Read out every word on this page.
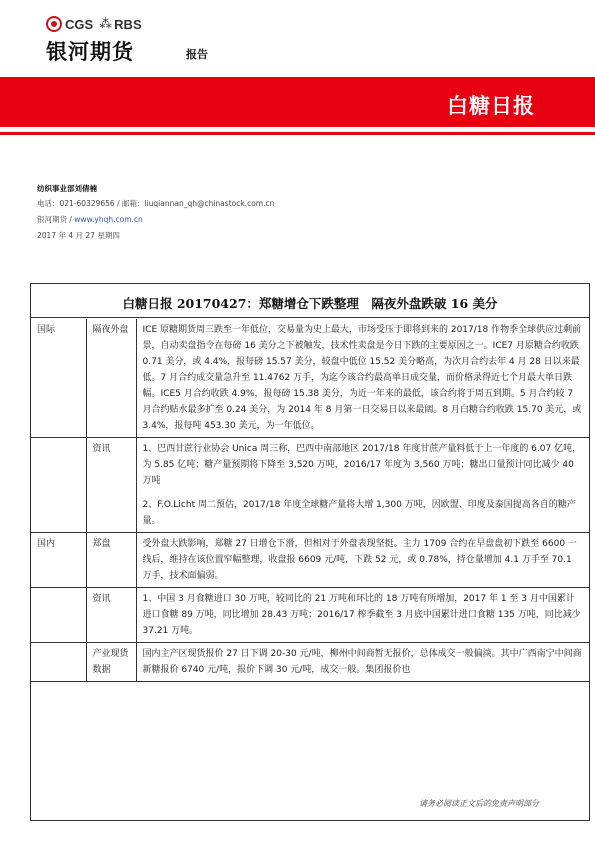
CGS ⁂ RBS
银河期货	报告
白糖日报
纺织事业部刘倩楠
电话：021-60329656 / 邮箱：liuqiannan_qh@chinastock.com.cn
银河期货 / www.yhqh.com.cn
2017 年 4 月 27 星期四
白糖日报 20170427：郑糖增仓下跌整理　隔夜外盘跌破 16 美分
国际	隔夜外盘	ICE 原糖期货周三跌至一年低位，交易量为史上最大，市场受压于即将到来的 2017/18 作物季全球供应过剩前景，自动卖盘指令在每磅 16 美分之下被触发，技术性卖盘是今日下跌的主要原因之一。ICE7 月原糖合约收跌 0.71 美分，或 4.4%，报每磅 15.57 美分，较盘中低位 15.52 美分略高，为次月合约去年 4 月 28 日以来最低。7 月合约成交量急升至 11.4762 万手，为迄今该合约最高单日成交量，而价格录得近七个月最大单日跌幅。ICE5 月合约收跌 4.9%，报每磅 15.38 美分，为近一年来的最低，该合约将于周五到期。5 月合约较 7 月合约贴水最多扩至 0.24 美分，为 2014 年 8 月第一日交易日以来最阔。8 月白糖合约收跌 15.70 美元，或 3.4%，报每吨 453.30 美元，为一年低位。

	资讯	1、巴西甘蔗行业协会 Unica 周三称，巴西中南部地区 2017/18 年度甘蔗产量料低于上一年度的 6.07 亿吨，为 5.85 亿吨；糖产量预期将下降至 3,520 万吨，2016/17 年度为 3,560 万吨；糖出口量预计同比减少 40 万吨
2、F.O.Licht 周二预估，2017/18 年度全球糖产量将大增 1,300 万吨，因欧盟、印度及泰国提高各自的糖产量。

国内	郑盘	受外盘大跌影响，郑糖 27 日增仓下滑，但相对于外盘表现坚挺。主力 1709 合约在早盘盘初下跌至 6600 一线后，维持在该位置窄幅整理，收盘报 6609 元/吨，下跌 52 元，或 0.78%，持仓量增加 4.1 万手至 70.1 万手，技术面偏弱。

	资讯	1、中国 3 月食糖进口 30 万吨，较同比的 21 万吨和环比的 18 万吨有所增加，2017 年 1 至 3 月中国累计进口食糖 89 万吨，同比增加 28.43 万吨；2016/17 榨季截至 3 月底中国累计进口食糖 135 万吨，同比减少 37.21 万吨。

	产业现货数据	国内主产区现货报价 27 日下调 20-30 元/吨，柳州中间商暂无报价，总体成交一般偏淡。其中广西南宁中间商新糖报价 6740 元/吨，报价下调 30 元/吨，成交一般。集团报价也
请务必阅读正文后的免责声明部分
